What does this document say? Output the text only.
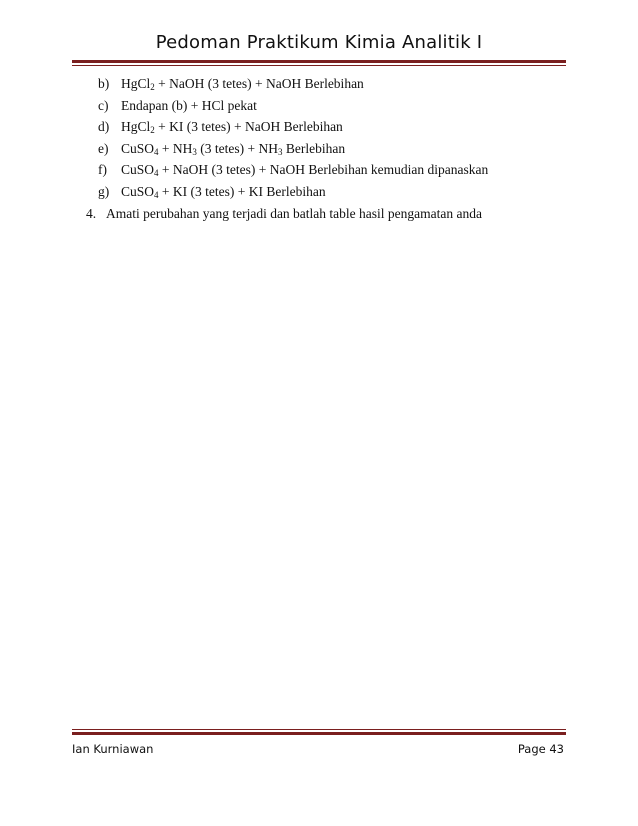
Pedoman Praktikum Kimia Analitik I
b) HgCl$_2$ + NaOH (3 tetes) + NaOH Berlebihan
c) Endapan (b) + HCl pekat
d) HgCl$_2$ + KI (3 tetes) + NaOH Berlebihan
e) CuSO$_4$ + $NH_3$ (3 tetes) + $NH_3$ Berlebihan
f) CuSO$_4$ + NaOH (3 tetes) + NaOH Berlebihan kemudian dipanaskan
g) CuSO$_4$ + KI (3 tetes) + KI Berlebihan
4. Amati perubahan yang terjadi dan batlah table hasil pengamatan anda
Ian Kurniawan	Page 43
